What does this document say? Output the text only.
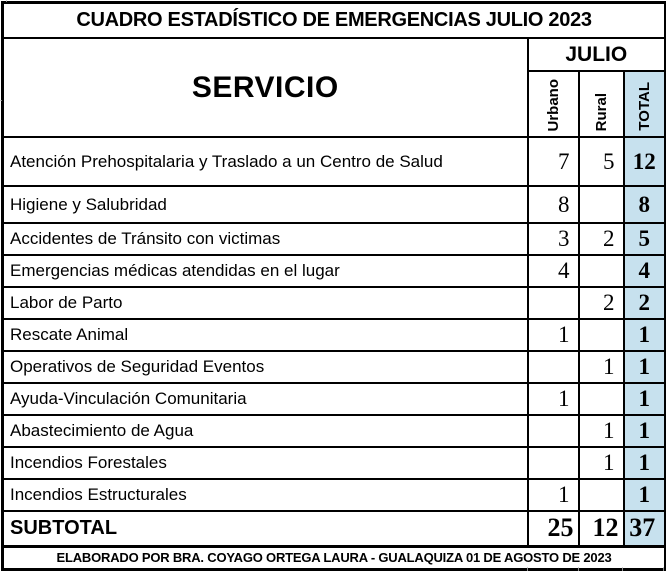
CUADRO ESTADÍSTICO DE EMERGENCIAS JULIO 2023			
SERVICIO	JULIO		
	Urbano	Rural	TOTAL
Atención Prehospitalaria y Traslado a un Centro de Salud	7	5	12
Higiene y Salubridad	8		8
Accidentes de Tránsito con victimas	3	2	5
Emergencias médicas atendidas en el lugar	4		4
Labor de Parto		2	2
Rescate Animal	1		1
Operativos de Seguridad Eventos		1	1
Ayuda-Vinculación Comunitaria	1		1
Abastecimiento de Agua		1	1
Incendios Forestales		1	1
Incendios Estructurales	1		1
SUBTOTAL	25	12	37
ELABORADO POR BRA. COYAGO ORTEGA LAURA - GUALAQUIZA 01 DE AGOSTO DE 2023			
